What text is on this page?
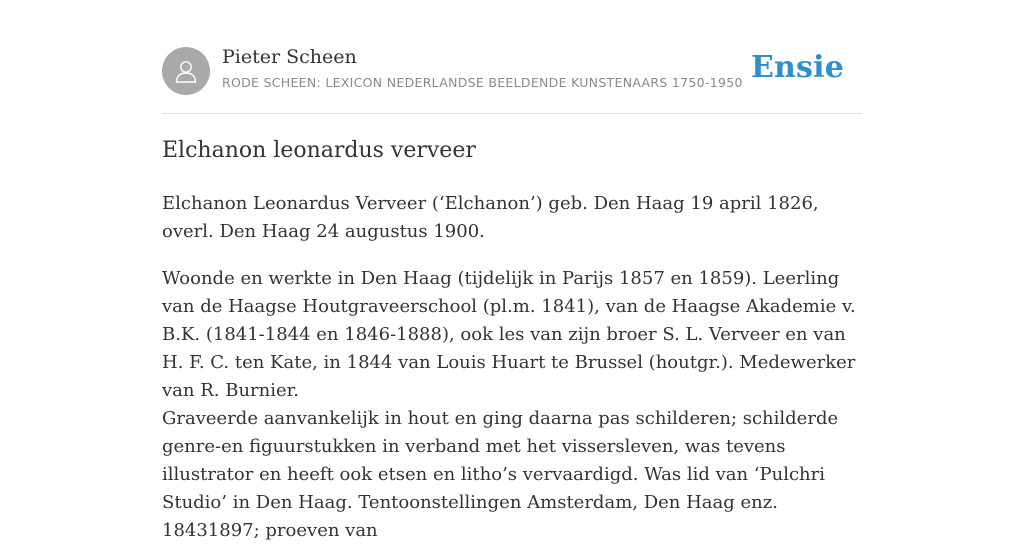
Pieter Scheen
RODE SCHEEN: LEXICON NEDERLANDSE BEELDENDE KUNSTENAARS 1750-1950 Ensie
Elchanon leonardus verveer

Elchanon Leonardus Verveer (‘Elchanon’) geb. Den Haag 19 april 1826, overl. Den Haag 24 augustus 1900.

Woonde en werkte in Den Haag (tijdelijk in Parijs 1857 en 1859). Leerling van de Haagse Houtgraveerschool (pl.m. 1841), van de Haagse Akademie v. B.K. (1841-1844 en 1846-1888), ook les van zijn broer S. L. Verveer en van H. F. C. ten Kate, in 1844 van Louis Huart te Brussel (houtgr.). Medewerker van R. Burnier.

Graveerde aanvankelijk in hout en ging daarna pas schilderen; schilderde genre-en figuurstukken in verband met het vissersleven, was tevens illustrator en heeft ook etsen en litho’s vervaardigd. Was lid van ‘Pulchri Studio’ in Den Haag. Tentoonstellingen Amsterdam, Den Haag enz. 18431897; proeven van
